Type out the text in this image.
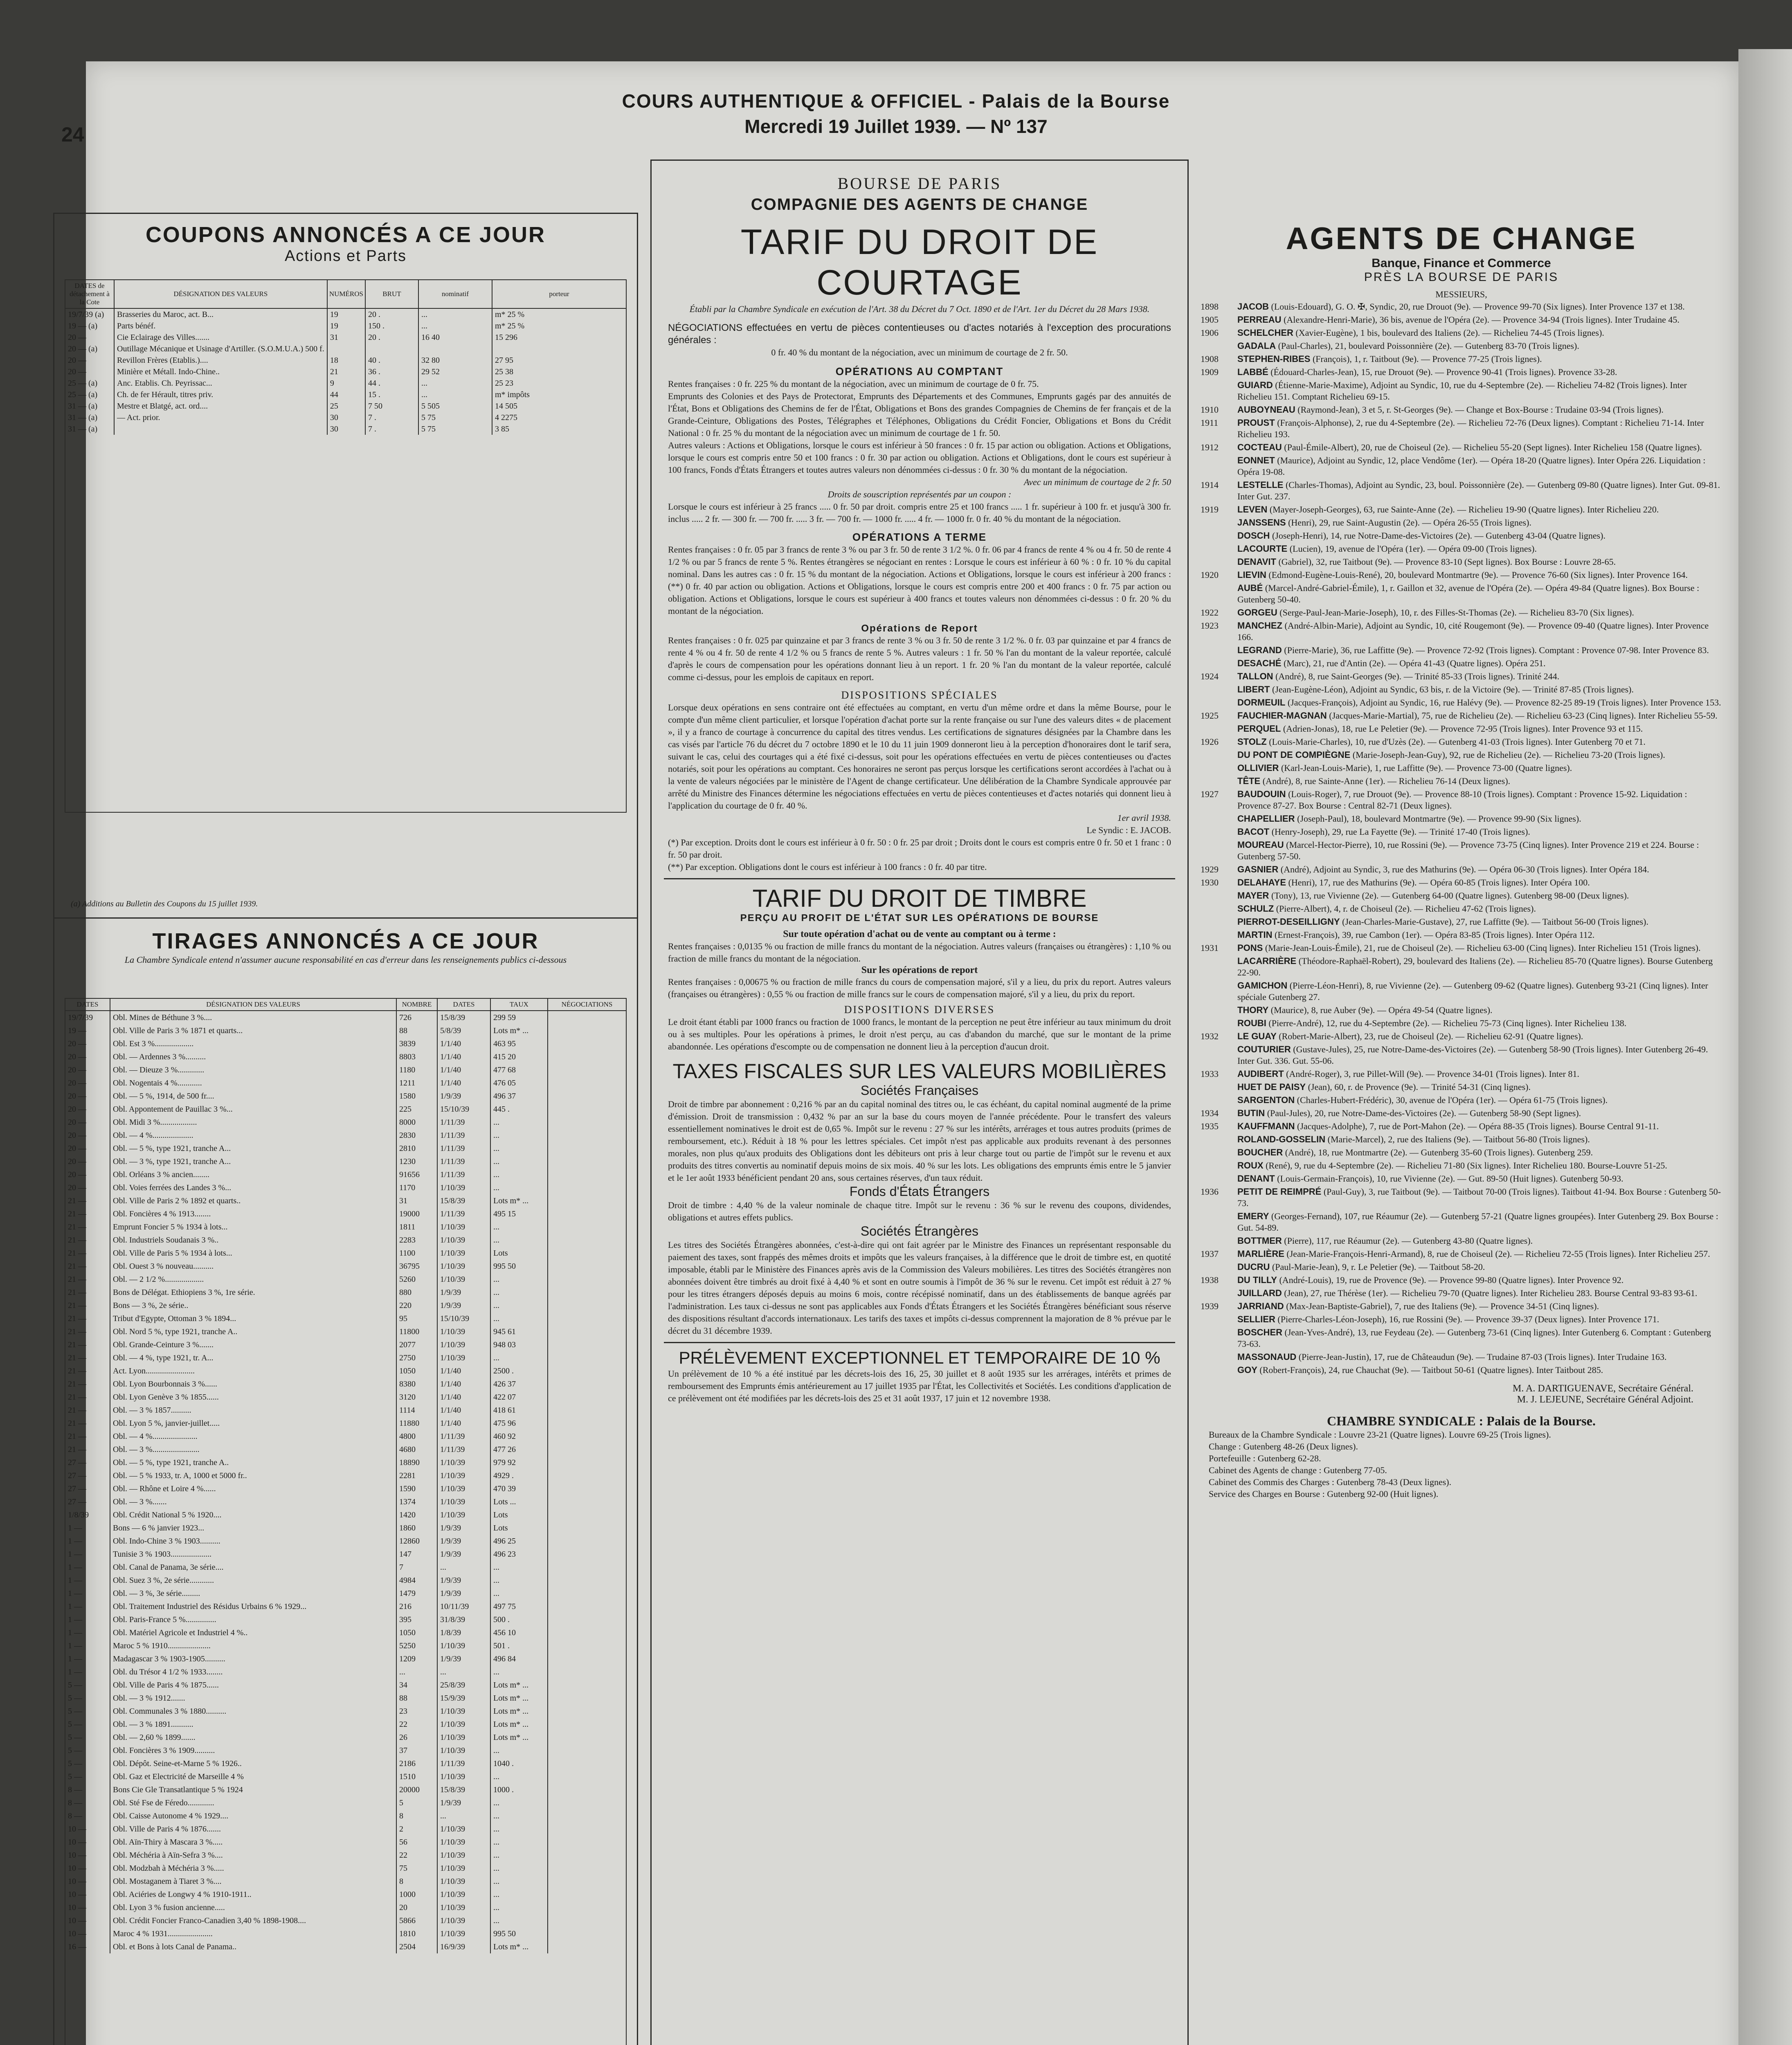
24
COURS AUTHENTIQUE & OFFICIEL - Palais de la Bourse
Mercredi 19 Juillet 1939. — Nº 137
COUPONS ANNONCÉS A CE JOUR
Actions et Parts
DATES de détachement à la Cote	DÉSIGNATION DES VALEURS	NUMÉROS	BRUT	nominatif	porteur
19/7/39 (a)	Brasseries du Maroc, act. B...	19	20 .	...	m* 25 %
19 — (a)	Parts bénéf.	19	150 .	...	m* 25 %
20 —	Cie Eclairage des Villes.......	31	20 .	16 40	15 296
20 — (a)	Outillage Mécanique et Usinage d'Artiller. (S.O.M.U.A.) 500 f.				
20 —	Revillon Frères (Etablis.)....	18	40 .	32 80	27 95
20 —	Minière et Métall. Indo-Chine..	21	36 .	29 52	25 38
25 — (a)	Anc. Etablis. Ch. Peyrissac...	9	44 .	...	25 23
25 — (a)	Ch. de fer Hérault, titres priv.	44	15 .	...	m* impôts
31 — (a)	Mestre et Blatgé, act. ord....	25	7 50	5 505	14 505
31 — (a)	— Act. prior.	30	7 .	5 75	4 2275
31 — (a)		30	7 .	5 75	3 85
(a) Additions au Bulletin des Coupons du 15 juillet 1939.
TIRAGES ANNONCÉS A CE JOUR
La Chambre Syndicale entend n'assumer aucune responsabilité en cas d'erreur dans les renseignements publics ci-dessous
DATES	DÉSIGNATION DES VALEURS	NOMBRE	DATES	TAUX	NÉGOCIATIONS
19/7/39	Obl. Mines de Béthune 3 %....	726	15/8/39	299 59	
19 —	Obl. Ville de Paris 3 % 1871 et quarts...	88	5/8/39	Lots m* ...	
20 —	Obl. Est 3 %...................	3839	1/1/40	463 95	
20 —	Obl. — Ardennes 3 %..........	8803	1/1/40	415 20	
20 —	Obl. — Dieuze 3 %.............	1180	1/1/40	477 68	
20 —	Obl. Nogentais 4 %............	1211	1/1/40	476 05	
20 —	Obl. — 5 %, 1914, de 500 fr....	1580	1/9/39	496 37	
20 —	Obl. Appontement de Pauillac 3 %...	225	15/10/39	445 .	
20 —	Obl. Midi 3 %..................	8000	1/11/39	...	
20 —	Obl. — 4 %....................	2830	1/11/39	...	
20 —	Obl. — 5 %, type 1921, tranche A...	2810	1/11/39	...	
20 —	Obl. — 3 %, type 1921, tranche A...	1230	1/11/39	...	
20 —	Obl. Orléans 3 % ancien........	91656	1/11/39	...	
20 —	Obl. Voies ferrées des Landes 3 %...	1170	1/10/39	...	
21 —	Obl. Ville de Paris 2 % 1892 et quarts..	31	15/8/39	Lots m* ...	
21 —	Obl. Foncières 4 % 1913........	19000	1/11/39	495 15	
21 —	Emprunt Foncier 5 % 1934 à lots...	1811	1/10/39	...	
21 —	Obl. Industriels Soudanais 3 %..	2283	1/10/39	...	
21 —	Obl. Ville de Paris 5 % 1934 à lots...	1100	1/10/39	Lots	
21 —	Obl. Ouest 3 % nouveau..........	36795	1/10/39	995 50	
21 —	Obl. — 2 1/2 %...................	5260	1/10/39	...	
21 —	Bons de Délégat. Ethiopiens 3 %, 1re série.	880	1/9/39	...	
21 —	Bons — 3 %, 2e série..	220	1/9/39	...	
21 —	Tribut d'Egypte, Ottoman 3 % 1894...	95	15/10/39	...	
21 —	Obl. Nord 5 %, type 1921, tranche A..	11800	1/10/39	945 61	
21 —	Obl. Grande-Ceinture 3 %.......	2077	1/10/39	948 03	
21 —	Obl. — 4 %, type 1921, tr. A...	2750	1/10/39	...	
21 —	Act. Lyon........................	1050	1/1/40	2500 .	
21 —	Obl. Lyon Bourbonnais 3 %......	8380	1/1/40	426 37	
21 —	Obl. Lyon Genève 3 % 1855......	3120	1/1/40	422 07	
21 —	Obl. — 3 % 1857..........	1114	1/1/40	418 61	
21 —	Obl. Lyon 5 %, janvier-juillet.....	11880	1/1/40	475 96	
21 —	Obl. — 4 %......................	4800	1/11/39	460 92	
21 —	Obl. — 3 %.......................	4680	1/11/39	477 26	
27 —	Obl. — 5 %, type 1921, tranche A..	18890	1/10/39	979 92	
27 —	Obl. — 5 % 1933, tr. A, 1000 et 5000 fr..	2281	1/10/39	4929 .	
27 —	Obl. — Rhône et Loire 4 %......	1590	1/10/39	470 39	
27 —	Obl. — 3 %.......	1374	1/10/39	Lots ...	
1/8/39	Obl. Crédit National 5 % 1920....	1420	1/10/39	Lots	
1 —	Bons — 6 % janvier 1923...	1860	1/9/39	Lots	
1 —	Obl. Indo-Chine 3 % 1903..........	12860	1/9/39	496 25	
1 —	Tunisie 3 % 1903....................	147	1/9/39	496 23	
1 —	Obl. Canal de Panama, 3e série....	7	...	...	
1 —	Obl. Suez 3 %, 2e série............	4984	1/9/39	...	
1 —	Obl. — 3 %, 3e série.........	1479	1/9/39	...	
1 —	Obl. Traitement Industriel des Résidus Urbains 6 % 1929...	216	10/11/39	497 75	
1 —	Obl. Paris-France 5 %...............	395	31/8/39	500 .	
1 —	Obl. Matériel Agricole et Industriel 4 %..	1050	1/8/39	456 10	
1 —	Maroc 5 % 1910.....................	5250	1/10/39	501 .	
1 —	Madagascar 3 % 1903-1905..........	1209	1/9/39	496 84	
1 —	Obl. du Trésor 4 1/2 % 1933........	...	...	...	
5 —	Obl. Ville de Paris 4 % 1875......	34	25/8/39	Lots m* ...	
5 —	Obl. — 3 % 1912.......	88	15/9/39	Lots m* ...	
5 —	Obl. Communales 3 % 1880..........	23	1/10/39	Lots m* ...	
5 —	Obl. — 3 % 1891...........	22	1/10/39	Lots m* ...	
5 —	Obl. — 2,60 % 1899.......	26	1/10/39	Lots m* ...	
5 —	Obl. Foncières 3 % 1909..........	37	1/10/39	...	
5 —	Obl. Dépôt. Seine-et-Marne 5 % 1926..	2186	1/11/39	1040 .	
5 —	Obl. Gaz et Electricité de Marseille 4 %	1510	1/10/39	...	
8 —	Bons Cie Gle Transatlantique 5 % 1924	20000	15/8/39	1000 .	
8 —	Obl. Sté Fse de Féredo.............	5	1/9/39	...	
8 —	Obl. Caisse Autonome 4 % 1929....	8	...	...	
10 —	Obl. Ville de Paris 4 % 1876.......	2	1/10/39	...	
10 —	Obl. Aïn-Thiry à Mascara 3 %.....	56	1/10/39	...	
10 —	Obl. Méchéria à Aïn-Sefra 3 %....	22	1/10/39	...	
10 —	Obl. Modzbah à Méchéria 3 %.....	75	1/10/39	...	
10 —	Obl. Mostaganem à Tiaret 3 %....	8	1/10/39	...	
10 —	Obl. Aciéries de Longwy 4 % 1910-1911..	1000	1/10/39	...	
10 —	Obl. Lyon 3 % fusion ancienne.....	20	1/10/39	...	
10 —	Obl. Crédit Foncier Franco-Canadien 3,40 % 1898-1908....	5866	1/10/39	...	
10 —	Maroc 4 % 1931......................	1810	1/10/39	995 50	
16 —	Obl. et Bons à lots Canal de Panama..	2504	16/9/39	Lots m* ...	
BOURSE DE PARIS
COMPAGNIE DES AGENTS DE CHANGE
TARIF DU DROIT DE COURTAGE
Établi par la Chambre Syndicale en exécution de l'Art. 38 du Décret du 7 Oct. 1890 et de l'Art. 1er du Décret du 28 Mars 1938.
NÉGOCIATIONS effectuées en vertu de pièces contentieuses ou d'actes notariés à l'exception des procurations générales :
0 fr. 40 % du montant de la négociation, avec un minimum de courtage de 2 fr. 50.
OPÉRATIONS AU COMPTANT
Rentes françaises : 0 fr. 225 % du montant de la négociation, avec un minimum de courtage de 0 fr. 75.
Emprunts des Colonies et des Pays de Protectorat, Emprunts des Départements et des Communes, Emprunts gagés par des annuités de l'État, Bons et Obligations des Chemins de fer de l'État, Obligations et Bons des grandes Compagnies de Chemins de fer français et de la Grande-Ceinture, Obligations des Postes, Télégraphes et Téléphones, Obligations du Crédit Foncier, Obligations et Bons du Crédit National : 0 fr. 25 % du montant de la négociation avec un minimum de courtage de 1 fr. 50.
Autres valeurs : Actions et Obligations, lorsque le cours est inférieur à 50 frances : 0 fr. 15 par action ou obligation. Actions et Obligations, lorsque le cours est compris entre 50 et 100 francs : 0 fr. 30 par action ou obligation. Actions et Obligations, dont le cours est supérieur à 100 francs, Fonds d'États Étrangers et toutes autres valeurs non dénommées ci-dessus : 0 fr. 30 % du montant de la négociation.
Avec un minimum de courtage de 2 fr. 50
Droits de souscription représentés par un coupon :
Lorsque le cours est inférieur à 25 francs ..... 0 fr. 50 par droit. compris entre 25 et 100 francs ..... 1 fr. supérieur à 100 fr. et jusqu'à 300 fr. inclus ..... 2 fr. — 300 fr. — 700 fr. ..... 3 fr. — 700 fr. — 1000 fr. ..... 4 fr. — 1000 fr. 0 fr. 40 % du montant de la négociation.
OPÉRATIONS A TERME
Rentes françaises : 0 fr. 05 par 3 francs de rente 3 % ou par 3 fr. 50 de rente 3 1/2 %. 0 fr. 06 par 4 francs de rente 4 % ou 4 fr. 50 de rente 4 1/2 % ou par 5 francs de rente 5 %. Rentes étrangères se négociant en rentes : Lorsque le cours est inférieur à 60 % : 0 fr. 10 % du capital nominal. Dans les autres cas : 0 fr. 15 % du montant de la négociation. Actions et Obligations, lorsque le cours est inférieur à 200 francs : (**) 0 fr. 40 par action ou obligation. Actions et Obligations, lorsque le cours est compris entre 200 et 400 francs : 0 fr. 75 par action ou obligation. Actions et Obligations, lorsque le cours est supérieur à 400 francs et toutes valeurs non dénommées ci-dessus : 0 fr. 20 % du montant de la négociation.
Opérations de Report
Rentes françaises : 0 fr. 025 par quinzaine et par 3 francs de rente 3 % ou 3 fr. 50 de rente 3 1/2 %. 0 fr. 03 par quinzaine et par 4 francs de rente 4 % ou 4 fr. 50 de rente 4 1/2 % ou 5 francs de rente 5 %. Autres valeurs : 1 fr. 50 % l'an du montant de la valeur reportée, calculé d'après le cours de compensation pour les opérations donnant lieu à un report. 1 fr. 20 % l'an du montant de la valeur reportée, calculé comme ci-dessus, pour les emplois de capitaux en report.
DISPOSITIONS SPÉCIALES
Lorsque deux opérations en sens contraire ont été effectuées au comptant, en vertu d'un même ordre et dans la même Bourse, pour le compte d'un même client particulier, et lorsque l'opération d'achat porte sur la rente française ou sur l'une des valeurs dites « de placement », il y a franco de courtage à concurrence du capital des titres vendus. Les certifications de signatures désignées par la Chambre dans les cas visés par l'article 76 du décret du 7 octobre 1890 et le 10 du 11 juin 1909 donneront lieu à la perception d'honoraires dont le tarif sera, suivant le cas, celui des courtages qui a été fixé ci-dessus, soit pour les opérations effectuées en vertu de pièces contentieuses ou d'actes notariés, soit pour les opérations au comptant. Ces honoraires ne seront pas perçus lorsque les certifications seront accordées à l'achat ou à la vente de valeurs négociées par le ministère de l'Agent de change certificateur. Une délibération de la Chambre Syndicale approuvée par arrêté du Ministre des Finances détermine les négociations effectuées en vertu de pièces contentieuses et d'actes notariés qui donnent lieu à l'application du courtage de 0 fr. 40 %.
1er avril 1938.
Le Syndic : E. JACOB.
(*) Par exception. Droits dont le cours est inférieur à 0 fr. 50 : 0 fr. 25 par droit ; Droits dont le cours est compris entre 0 fr. 50 et 1 franc : 0 fr. 50 par droit.
(**) Par exception. Obligations dont le cours est inférieur à 100 francs : 0 fr. 40 par titre.
TARIF DU DROIT DE TIMBRE
PERÇU AU PROFIT DE L'ÉTAT SUR LES OPÉRATIONS DE BOURSE
Sur toute opération d'achat ou de vente au comptant ou à terme :
Rentes françaises : 0,0135 % ou fraction de mille francs du montant de la négociation. Autres valeurs (françaises ou étrangères) : 1,10 % ou fraction de mille francs du montant de la négociation.
Sur les opérations de report
Rentes françaises : 0,00675 % ou fraction de mille francs du cours de compensation majoré, s'il y a lieu, du prix du report. Autres valeurs (françaises ou étrangères) : 0,55 % ou fraction de mille francs sur le cours de compensation majoré, s'il y a lieu, du prix du report.
DISPOSITIONS DIVERSES
Le droit étant établi par 1000 francs ou fraction de 1000 francs, le montant de la perception ne peut être inférieur au taux minimum du droit ou à ses multiples. Pour les opérations à primes, le droit n'est perçu, au cas d'abandon du marché, que sur le montant de la prime abandonnée. Les opérations d'escompte ou de compensation ne donnent lieu à la perception d'aucun droit.
TAXES FISCALES SUR LES VALEURS MOBILIÈRES
Sociétés Françaises
Droit de timbre par abonnement : 0,216 % par an du capital nominal des titres ou, le cas échéant, du capital nominal augmenté de la prime d'émission. Droit de transmission : 0,432 % par an sur la base du cours moyen de l'année précédente. Pour le transfert des valeurs essentiellement nominatives le droit est de 0,65 %. Impôt sur le revenu : 27 % sur les intérêts, arrérages et tous autres produits (primes de remboursement, etc.). Réduit à 18 % pour les lettres spéciales. Cet impôt n'est pas applicable aux produits revenant à des personnes morales, non plus qu'aux produits des Obligations dont les débiteurs ont pris à leur charge tout ou partie de l'impôt sur le revenu et aux produits des titres convertis au nominatif depuis moins de six mois. 40 % sur les lots. Les obligations des emprunts émis entre le 5 janvier et le 1er août 1933 bénéficient pendant 20 ans, sous certaines réserves, d'un taux réduit.
Fonds d'États Étrangers
Droit de timbre : 4,40 % de la valeur nominale de chaque titre. Impôt sur le revenu : 36 % sur le revenu des coupons, dividendes, obligations et autres effets publics.
Sociétés Étrangères
Les titres des Sociétés Étrangères abonnées, c'est-à-dire qui ont fait agréer par le Ministre des Finances un représentant responsable du paiement des taxes, sont frappés des mêmes droits et impôts que les valeurs françaises, à la différence que le droit de timbre est, en quotité imposable, établi par le Ministère des Finances après avis de la Commission des Valeurs mobilières. Les titres des Sociétés étrangères non abonnées doivent être timbrés au droit fixé à 4,40 % et sont en outre soumis à l'impôt de 36 % sur le revenu. Cet impôt est réduit à 27 % pour les titres étrangers déposés depuis au moins 6 mois, contre récépissé nominatif, dans un des établissements de banque agréés par l'administration. Les taux ci-dessus ne sont pas applicables aux Fonds d'États Étrangers et les Sociétés Étrangères bénéficiant sous réserve des dispositions résultant d'accords internationaux. Les tarifs des taxes et impôts ci-dessus comprennent la majoration de 8 % prévue par le décret du 31 décembre 1939.
PRÉLÈVEMENT EXCEPTIONNEL ET TEMPORAIRE DE 10 %
Un prélèvement de 10 % a été institué par les décrets-lois des 16, 25, 30 juillet et 8 août 1935 sur les arrérages, intérêts et primes de remboursement des Emprunts émis antérieurement au 17 juillet 1935 par l'État, les Collectivités et Sociétés. Les conditions d'application de ce prélèvement ont été modifiées par les décrets-lois des 25 et 31 août 1937, 17 juin et 12 novembre 1938.
AGENTS DE CHANGE
Banque, Finance et Commerce
PRÈS LA BOURSE DE PARIS
MESSIEURS,
1898	JACOB (Louis-Edouard), G. O. ✠, Syndic, 20, rue Drouot (9e). — Provence 99-70 (Six lignes). Inter Provence 137 et 138.
1905	PERREAU (Alexandre-Henri-Marie), 36 bis, avenue de l'Opéra (2e). — Provence 34-94 (Trois lignes). Inter Trudaine 45.
1906	SCHELCHER (Xavier-Eugène), 1 bis, boulevard des Italiens (2e). — Richelieu 74-45 (Trois lignes).
GADALA (Paul-Charles), 21, boulevard Poissonnière (2e). — Gutenberg 83-70 (Trois lignes).
1908	STEPHEN-RIBES (François), 1, r. Taitbout (9e). — Provence 77-25 (Trois lignes).
1909	LABBÉ (Édouard-Charles-Jean), 15, rue Drouot (9e). — Provence 90-41 (Trois lignes). Provence 33-28.
GUIARD (Étienne-Marie-Maxime), Adjoint au Syndic, 10, rue du 4-Septembre (2e). — Richelieu 74-82 (Trois lignes). Inter Richelieu 151. Comptant Richelieu 69-15.
1910	AUBOYNEAU (Raymond-Jean), 3 et 5, r. St-Georges (9e). — Change et Box-Bourse : Trudaine 03-94 (Trois lignes).
1911	PROUST (François-Alphonse), 2, rue du 4-Septembre (2e). — Richelieu 72-76 (Deux lignes). Comptant : Richelieu 71-14. Inter Richelieu 193.
1912	COCTEAU (Paul-Émile-Albert), 20, rue de Choiseul (2e). — Richelieu 55-20 (Sept lignes). Inter Richelieu 158 (Quatre lignes).
EONNET (Maurice), Adjoint au Syndic, 12, place Vendôme (1er). — Opéra 18-20 (Quatre lignes). Inter Opéra 226. Liquidation : Opéra 19-08.
1914	LESTELLE (Charles-Thomas), Adjoint au Syndic, 23, boul. Poissonnière (2e). — Gutenberg 09-80 (Quatre lignes). Inter Gut. 09-81. Inter Gut. 237.
1919	LEVEN (Mayer-Joseph-Georges), 63, rue Sainte-Anne (2e). — Richelieu 19-90 (Quatre lignes). Inter Richelieu 220.
JANSSENS (Henri), 29, rue Saint-Augustin (2e). — Opéra 26-55 (Trois lignes).
DOSCH (Joseph-Henri), 14, rue Notre-Dame-des-Victoires (2e). — Gutenberg 43-04 (Quatre lignes).
LACOURTE (Lucien), 19, avenue de l'Opéra (1er). — Opéra 09-00 (Trois lignes).
DENAVIT (Gabriel), 32, rue Taitbout (9e). — Provence 83-10 (Sept lignes). Box Bourse : Louvre 28-65.
1920	LIEVIN (Edmond-Eugène-Louis-René), 20, boulevard Montmartre (9e). — Provence 76-60 (Six lignes). Inter Provence 164.
AUBÉ (Marcel-André-Gabriel-Émile), 1, r. Gaillon et 32, avenue de l'Opéra (2e). — Opéra 49-84 (Quatre lignes). Box Bourse : Gutenberg 50-40.
1922	GORGEU (Serge-Paul-Jean-Marie-Joseph), 10, r. des Filles-St-Thomas (2e). — Richelieu 83-70 (Six lignes).
1923	MANCHEZ (André-Albin-Marie), Adjoint au Syndic, 10, cité Rougemont (9e). — Provence 09-40 (Quatre lignes). Inter Provence 166.
LEGRAND (Pierre-Marie), 36, rue Laffitte (9e). — Provence 72-92 (Trois lignes). Comptant : Provence 07-98. Inter Provence 83.
DESACHÉ (Marc), 21, rue d'Antin (2e). — Opéra 41-43 (Quatre lignes). Opéra 251.
1924	TALLON (André), 8, rue Saint-Georges (9e). — Trinité 85-33 (Trois lignes). Trinité 244.
LIBERT (Jean-Eugène-Léon), Adjoint au Syndic, 63 bis, r. de la Victoire (9e). — Trinité 87-85 (Trois lignes).
DORMEUIL (Jacques-François), Adjoint au Syndic, 16, rue Halévy (9e). — Provence 82-25 89-19 (Trois lignes). Inter Provence 153.
1925	FAUCHIER-MAGNAN (Jacques-Marie-Martial), 75, rue de Richelieu (2e). — Richelieu 63-23 (Cinq lignes). Inter Richelieu 55-59.
PERQUEL (Adrien-Jonas), 18, rue Le Peletier (9e). — Provence 72-95 (Trois lignes). Inter Provence 93 et 115.
1926	STOLZ (Louis-Marie-Charles), 10, rue d'Uzès (2e). — Gutenberg 41-03 (Trois lignes). Inter Gutenberg 70 et 71.
DU PONT DE COMPIÈGNE (Marie-Joseph-Jean-Guy), 92, rue de Richelieu (2e). — Richelieu 73-20 (Trois lignes).
OLLIVIER (Karl-Jean-Louis-Marie), 1, rue Laffitte (9e). — Provence 73-00 (Quatre lignes).
TÊTE (André), 8, rue Sainte-Anne (1er). — Richelieu 76-14 (Deux lignes).
1927	BAUDOUIN (Louis-Roger), 7, rue Drouot (9e). — Provence 88-10 (Trois lignes). Comptant : Provence 15-92. Liquidation : Provence 87-27. Box Bourse : Central 82-71 (Deux lignes).
CHAPELLIER (Joseph-Paul), 18, boulevard Montmartre (9e). — Provence 99-90 (Six lignes).
BACOT (Henry-Joseph), 29, rue La Fayette (9e). — Trinité 17-40 (Trois lignes).
MOUREAU (Marcel-Hector-Pierre), 10, rue Rossini (9e). — Provence 73-75 (Cinq lignes). Inter Provence 219 et 224. Bourse : Gutenberg 57-50.
1929	GASNIER (André), Adjoint au Syndic, 3, rue des Mathurins (9e). — Opéra 06-30 (Trois lignes). Inter Opéra 184.
1930	DELAHAYE (Henri), 17, rue des Mathurins (9e). — Opéra 60-85 (Trois lignes). Inter Opéra 100.
MAYER (Tony), 13, rue Vivienne (2e). — Gutenberg 64-00 (Quatre lignes). Gutenberg 98-00 (Deux lignes).
SCHULZ (Pierre-Albert), 4, r. de Choiseul (2e). — Richelieu 47-62 (Trois lignes).
PIERROT-DESEILLIGNY (Jean-Charles-Marie-Gustave), 27, rue Laffitte (9e). — Taitbout 56-00 (Trois lignes).
MARTIN (Ernest-François), 39, rue Cambon (1er). — Opéra 83-85 (Trois lignes). Inter Opéra 112.
1931	PONS (Marie-Jean-Louis-Émile), 21, rue de Choiseul (2e). — Richelieu 63-00 (Cinq lignes). Inter Richelieu 151 (Trois lignes).
LACARRIÈRE (Théodore-Raphaël-Robert), 29, boulevard des Italiens (2e). — Richelieu 85-70 (Quatre lignes). Bourse Gutenberg 22-90.
GAMICHON (Pierre-Léon-Henri), 8, rue Vivienne (2e). — Gutenberg 09-62 (Quatre lignes). Gutenberg 93-21 (Cinq lignes). Inter spéciale Gutenberg 27.
THORY (Maurice), 8, rue Auber (9e). — Opéra 49-54 (Quatre lignes).
ROUBI (Pierre-André), 12, rue du 4-Septembre (2e). — Richelieu 75-73 (Cinq lignes). Inter Richelieu 138.
1932	LE GUAY (Robert-Marie-Albert), 23, rue de Choiseul (2e). — Richelieu 62-91 (Quatre lignes).
COUTURIER (Gustave-Jules), 25, rue Notre-Dame-des-Victoires (2e). — Gutenberg 58-90 (Trois lignes). Inter Gutenberg 26-49. Inter Gut. 336. Gut. 55-06.
1933	AUDIBERT (André-Roger), 3, rue Pillet-Will (9e). — Provence 34-01 (Trois lignes). Inter 81.
HUET DE PAISY (Jean), 60, r. de Provence (9e). — Trinité 54-31 (Cinq lignes).
SARGENTON (Charles-Hubert-Frédéric), 30, avenue de l'Opéra (1er). — Opéra 61-75 (Trois lignes).
1934	BUTIN (Paul-Jules), 20, rue Notre-Dame-des-Victoires (2e). — Gutenberg 58-90 (Sept lignes).
1935	KAUFFMANN (Jacques-Adolphe), 7, rue de Port-Mahon (2e). — Opéra 88-35 (Trois lignes). Bourse Central 91-11.
ROLAND-GOSSELIN (Marie-Marcel), 2, rue des Italiens (9e). — Taitbout 56-80 (Trois lignes).
BOUCHER (André), 18, rue Montmartre (2e). — Gutenberg 35-60 (Trois lignes). Gutenberg 259.
ROUX (René), 9, rue du 4-Septembre (2e). — Richelieu 71-80 (Six lignes). Inter Richelieu 180. Bourse-Louvre 51-25.
DENANT (Louis-Germain-François), 10, rue Vivienne (2e). — Gut. 89-50 (Huit lignes). Gutenberg 50-93.
1936	PETIT DE REIMPRÉ (Paul-Guy), 3, rue Taitbout (9e). — Taitbout 70-00 (Trois lignes). Taitbout 41-94. Box Bourse : Gutenberg 50-73.
EMERY (Georges-Fernand), 107, rue Réaumur (2e). — Gutenberg 57-21 (Quatre lignes groupées). Inter Gutenberg 29. Box Bourse : Gut. 54-89.
BOTTMER (Pierre), 117, rue Réaumur (2e). — Gutenberg 43-80 (Quatre lignes).
1937	MARLIÈRE (Jean-Marie-François-Henri-Armand), 8, rue de Choiseul (2e). — Richelieu 72-55 (Trois lignes). Inter Richelieu 257.
DUCRU (Paul-Marie-Jean), 9, r. Le Peletier (9e). — Taitbout 58-20.
1938	DU TILLY (André-Louis), 19, rue de Provence (9e). — Provence 99-80 (Quatre lignes). Inter Provence 92.
JUILLARD (Jean), 27, rue Thérèse (1er). — Richelieu 79-70 (Quatre lignes). Inter Richelieu 283. Bourse Central 93-83 93-61.
1939	JARRIAND (Max-Jean-Baptiste-Gabriel), 7, rue des Italiens (9e). — Provence 34-51 (Cinq lignes).
SELLIER (Pierre-Charles-Léon-Joseph), 16, rue Rossini (9e). — Provence 39-37 (Deux lignes). Inter Provence 171.
BOSCHER (Jean-Yves-André), 13, rue Feydeau (2e). — Gutenberg 73-61 (Cinq lignes). Inter Gutenberg 6. Comptant : Gutenberg 73-63.
MASSONAUD (Pierre-Jean-Justin), 17, rue de Châteaudun (9e). — Trudaine 87-03 (Trois lignes). Inter Trudaine 163.
GOY (Robert-François), 24, rue Chauchat (9e). — Taitbout 50-61 (Quatre lignes). Inter Taitbout 285.
M. A. DARTIGUENAVE, Secrétaire Général.
M. J. LEJEUNE, Secrétaire Général Adjoint.
CHAMBRE SYNDICALE : Palais de la Bourse.
Bureaux de la Chambre Syndicale : Louvre 23-21 (Quatre lignes). Louvre 69-25 (Trois lignes).
Change : Gutenberg 48-26 (Deux lignes).
Portefeuille : Gutenberg 62-28.
Cabinet des Agents de change : Gutenberg 77-05.
Cabinet des Commis des Charges : Gutenberg 78-43 (Deux lignes).
Service des Charges en Bourse : Gutenberg 92-00 (Huit lignes).
